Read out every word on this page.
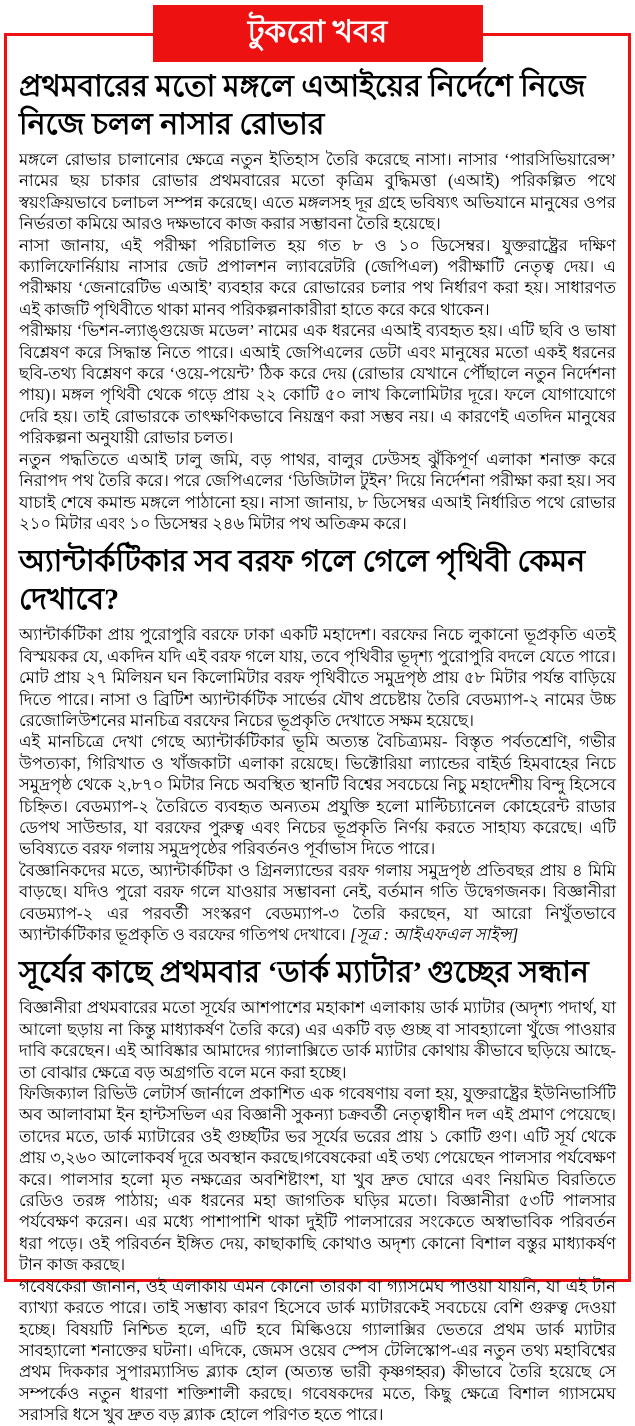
টুকরো খবর
প্রথমবারের মতো মঙ্গলে এআইয়ের নির্দেশে নিজে নিজে চলল নাসার রোভার

মঙ্গলে রোভার চালানোর ক্ষেত্রে নতুন ইতিহাস তৈরি করেছে নাসা। নাসার ‘পারসিভিয়ারেন্স’ নামের ছয় চাকার রোভার প্রথমবারের মতো কৃত্রিম বুদ্ধিমত্তা (এআই) পরিকল্পিত পথে স্বয়ংক্রিয়ভাবে চলাচল সম্পন্ন করেছে। এতে মঙ্গলসহ দূর গ্রহে ভবিষ্যৎ অভিযানে মানুষের ওপর নির্ভরতা কমিয়ে আরও দক্ষভাবে কাজ করার সম্ভাবনা তৈরি হয়েছে।

নাসা জানায়, এই পরীক্ষা পরিচালিত হয় গত ৮ ও ১০ ডিসেম্বর। যুক্তরাষ্ট্রের দক্ষিণ ক্যালিফোর্নিয়ায় নাসার জেট প্রপালশন ল্যাবরেটরি (জেপিএল) পরীক্ষাটি নেতৃত্ব দেয়। এ পরীক্ষায় ‘জেনারেটিভ এআই’ ব্যবহার করে রোভারের চলার পথ নির্ধারণ করা হয়। সাধারণত এই কাজটি পৃথিবীতে থাকা মানব পরিকল্পনাকারীরা হাতে করে করে থাকেন।

পরীক্ষায় ‘ভিশন-ল্যাঙ্গুয়েজ মডেল’ নামের এক ধরনের এআই ব্যবহৃত হয়। এটি ছবি ও ভাষা বিশ্লেষণ করে সিদ্ধান্ত নিতে পারে। এআই জেপিএলের ডেটা এবং মানুষের মতো একই ধরনের ছবি-তথ্য বিশ্লেষণ করে ‘ওয়ে-পয়েন্ট’ ঠিক করে দেয় (রোভার যেখানে পৌঁছালে নতুন নির্দেশনা পায়)। মঙ্গল পৃথিবী থেকে গড়ে প্রায় ২২ কোটি ৫০ লাখ কিলোমিটার দূরে। ফলে যোগাযোগে দেরি হয়। তাই রোভারকে তাৎক্ষণিকভাবে নিয়ন্ত্রণ করা সম্ভব নয়। এ কারণেই এতদিন মানুষের পরিকল্পনা অনুযায়ী রোভার চলত।

নতুন পদ্ধতিতে এআই ঢালু জমি, বড় পাথর, বালুর ঢেউসহ ঝুঁকিপূর্ণ এলাকা শনাক্ত করে নিরাপদ পথ তৈরি করে। পরে জেপিএলের ‘ডিজিটাল টুইন’ দিয়ে নির্দেশনা পরীক্ষা করা হয়। সব যাচাই শেষে কমান্ড মঙ্গলে পাঠানো হয়। নাসা জানায়, ৮ ডিসেম্বর এআই নির্ধারিত পথে রোভার ২১০ মিটার এবং ১০ ডিসেম্বর ২৪৬ মিটার পথ অতিক্রম করে।

অ্যান্টার্কটিকার সব বরফ গলে গেলে পৃথিবী কেমন দেখাবে?

অ্যান্টার্কটিকা প্রায় পুরোপুরি বরফে ঢাকা একটি মহাদেশ। বরফের নিচে লুকানো ভূপ্রকৃতি এতই বিস্ময়কর যে, একদিন যদি এই বরফ গলে যায়, তবে পৃথিবীর ভূদৃশ্য পুরোপুরি বদলে যেতে পারে। মোট প্রায় ২৭ মিলিয়ন ঘন কিলোমিটার বরফ পৃথিবীতে সমুদ্রপৃষ্ঠ প্রায় ৫৮ মিটার পর্যন্ত বাড়িয়ে দিতে পারে। নাসা ও ব্রিটিশ অ্যান্টার্কটিক সার্ভের যৌথ প্রচেষ্টায় তৈরি বেডম্যাপ-২ নামের উচ্চ রেজোলিউশনের মানচিত্র বরফের নিচের ভূপ্রকৃতি দেখাতে সক্ষম হয়েছে।

এই মানচিত্রে দেখা গেছে অ্যান্টার্কটিকার ভূমি অত্যন্ত বৈচিত্র্যময়- বিস্তৃত পর্বতশ্রেণি, গভীর উপত্যকা, গিরিখাত ও খাঁজকাটা এলাকা রয়েছে। ভিক্টোরিয়া ল্যান্ডের বাইর্ড হিমবাহের নিচে সমুদ্রপৃষ্ঠ থেকে ২,৮৭০ মিটার নিচে অবস্থিত স্থানটি বিশ্বের সবচেয়ে নিচু মহাদেশীয় বিন্দু হিসেবে চিহ্নিত। বেডম্যাপ-২ তৈরিতে ব্যবহৃত অন্যতম প্রযুক্তি হলো মাল্টিচ্যানেল কোহেরেন্ট রাডার ডেপথ সাউন্ডার, যা বরফের পুরুত্ব এবং নিচের ভূপ্রকৃতি নির্ণয় করতে সাহায্য করেছে। এটি ভবিষ্যতে বরফ গলায় সমুদ্রপৃষ্ঠের পরিবর্তনও পূর্বাভাস দিতে পারে।

বৈজ্ঞানিকদের মতে, অ্যান্টার্কটিকা ও গ্রিনল্যান্ডের বরফ গলায় সমুদ্রপৃষ্ঠ প্রতিবছর প্রায় ৪ মিমি বাড়ছে। যদিও পুরো বরফ গলে যাওয়ার সম্ভাবনা নেই, বর্তমান গতি উদ্বেগজনক। বিজ্ঞানীরা বেডম্যাপ-২ এর পরবর্তী সংস্করণ বেডম্যাপ-৩ তৈরি করছেন, যা আরো নিখুঁতভাবে অ্যান্টার্কটিকার ভূপ্রকৃতি ও বরফের গতিপথ দেখাবে। [সূত্র : আইএফএল সাইন্স]

সূর্যের কাছে প্রথমবার ‘ডার্ক ম্যাটার’ গুচ্ছের সন্ধান

বিজ্ঞানীরা প্রথমবারের মতো সূর্যের আশপাশের মহাকাশ এলাকায় ডার্ক ম্যাটার (অদৃশ্য পদার্থ, যা আলো ছড়ায় না কিন্তু মাধ্যাকর্ষণ তৈরি করে) এর একটি বড় গুচ্ছ বা সাবহ্যালো খুঁজে পাওয়ার দাবি করেছেন। এই আবিষ্কার আমাদের গ্যালাক্সিতে ডার্ক ম্যাটার কোথায় কীভাবে ছড়িয়ে আছে- তা বোঝার ক্ষেত্রে বড় অগ্রগতি বলে মনে করা হচ্ছে।

ফিজিক্যাল রিভিউ লেটার্স জার্নালে প্রকাশিত এক গবেষণায় বলা হয়, যুক্তরাষ্ট্রের ইউনিভার্সিটি অব আলাবামা ইন হান্টসভিল এর বিজ্ঞানী সুকন্যা চক্রবর্তী নেতৃত্বাধীন দল এই প্রমাণ পেয়েছে। তাদের মতে, ডার্ক ম্যাটারের ওই গুচ্ছটির ভর সূর্যের ভরের প্রায় ১ কোটি গুণ। এটি সূর্য থেকে প্রায় ৩,২৬০ আলোকবর্ষ দূরে অবস্থান করছে।গবেষকেরা এই তথ্য পেয়েছেন পালসার পর্যবেক্ষণ করে। পালসার হলো মৃত নক্ষত্রের অবশিষ্টাংশ, যা খুব দ্রুত ঘোরে এবং নিয়মিত বিরতিতে রেডিও তরঙ্গ পাঠায়; এক ধরনের মহা জাগতিক ঘড়ির মতো। বিজ্ঞানীরা ৫৩টি পালসার পর্যবেক্ষণ করেন। এর মধ্যে পাশাপাশি থাকা দুইটি পালসারের সংকেতে অস্বাভাবিক পরিবর্তন ধরা পড়ে। ওই পরিবর্তন ইঙ্গিত দেয়, কাছাকাছি কোথাও অদৃশ্য কোনো বিশাল বস্তুর মাধ্যাকর্ষণ টান কাজ করছে।

গবেষকেরা জানান, ওই এলাকায় এমন কোনো তারকা বা গ্যাসমেঘ পাওয়া যায়নি, যা এই টান ব্যাখ্যা করতে পারে। তাই সম্ভাব্য কারণ হিসেবে ডার্ক ম্যাটারকেই সবচেয়ে বেশি গুরুত্ব দেওয়া হচ্ছে। বিষয়টি নিশ্চিত হলে, এটি হবে মিল্কিওয়ে গ্যালাক্সির ভেতরে প্রথম ডার্ক ম্যাটার সাবহ্যালো শনাক্তের ঘটনা। এদিকে, জেমস ওয়েব স্পেস টেলিস্কোপ-এর নতুন তথ্য মহাবিশ্বের প্রথম দিককার সুপারম্যাসিভ ব্ল্যাক হোল (অত্যন্ত ভারী কৃষ্ণগহ্বর) কীভাবে তৈরি হয়েছে সে সম্পর্কেও নতুন ধারণা শক্তিশালী করছে। গবেষকদের মতে, কিছু ক্ষেত্রে বিশাল গ্যাসমেঘ সরাসরি ধসে খুব দ্রুত বড় ব্ল্যাক হোলে পরিণত হতে পারে।
